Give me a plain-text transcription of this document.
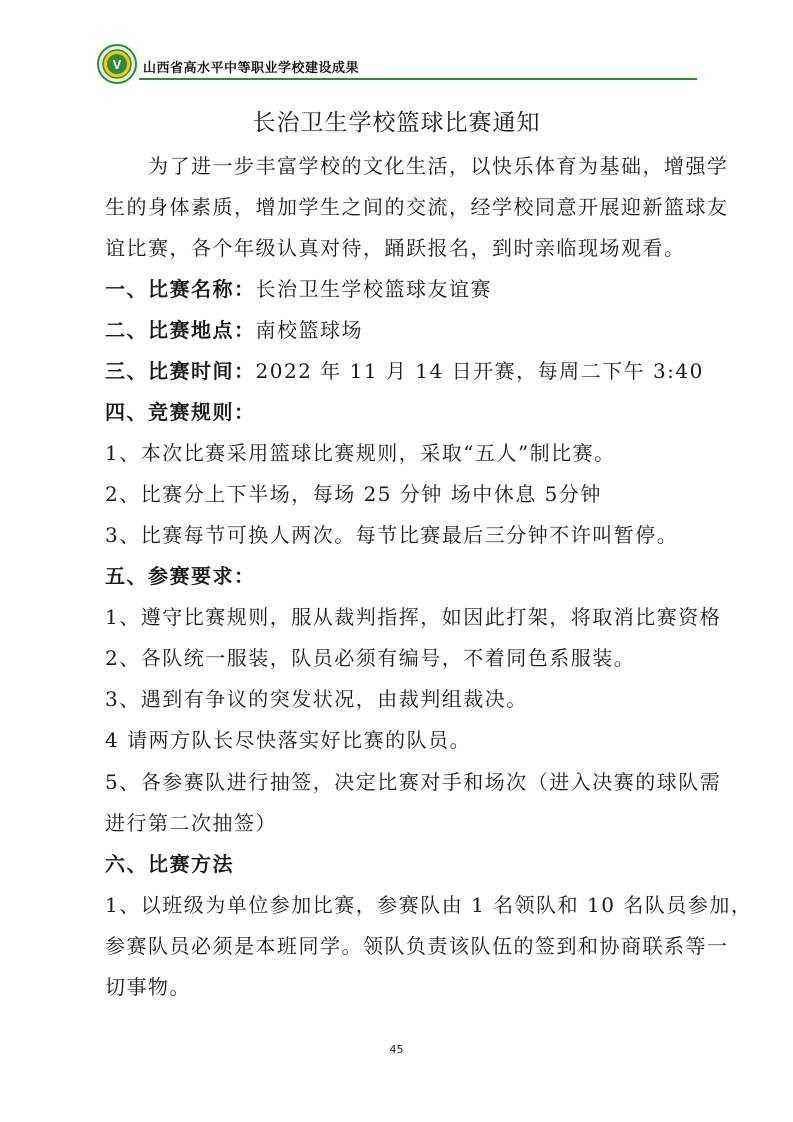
V 山西省高水平中等职业学校建设成果
长治卫生学校篮球比赛通知
为了进一步丰富学校的文化生活，以快乐体育为基础，增强学
生的身体素质，增加学生之间的交流，经学校同意开展迎新篮球友
谊比赛，各个年级认真对待，踊跃报名，到时亲临现场观看。
一、比赛名称：长治卫生学校篮球友谊赛
二、比赛地点：南校篮球场
三、比赛时间：2022 年 11 月 14 日开赛，每周二下午 3:40
四、竞赛规则：
1、本次比赛采用篮球比赛规则，采取“五人”制比赛。
2、比赛分上下半场，每场 25 分钟 场中休息 5分钟
3、比赛每节可换人两次。每节比赛最后三分钟不许叫暂停。
五、参赛要求：
1、遵守比赛规则，服从裁判指挥，如因此打架，将取消比赛资格
2、各队统一服装，队员必须有编号，不着同色系服装。
3、遇到有争议的突发状况，由裁判组裁决。
4 请两方队长尽快落实好比赛的队员。
5、各参赛队进行抽签，决定比赛对手和场次（进入决赛的球队需
进行第二次抽签）
六、比赛方法
1、以班级为单位参加比赛，参赛队由 1 名领队和 10 名队员参加，
参赛队员必须是本班同学。领队负责该队伍的签到和协商联系等一
切事物。
45
